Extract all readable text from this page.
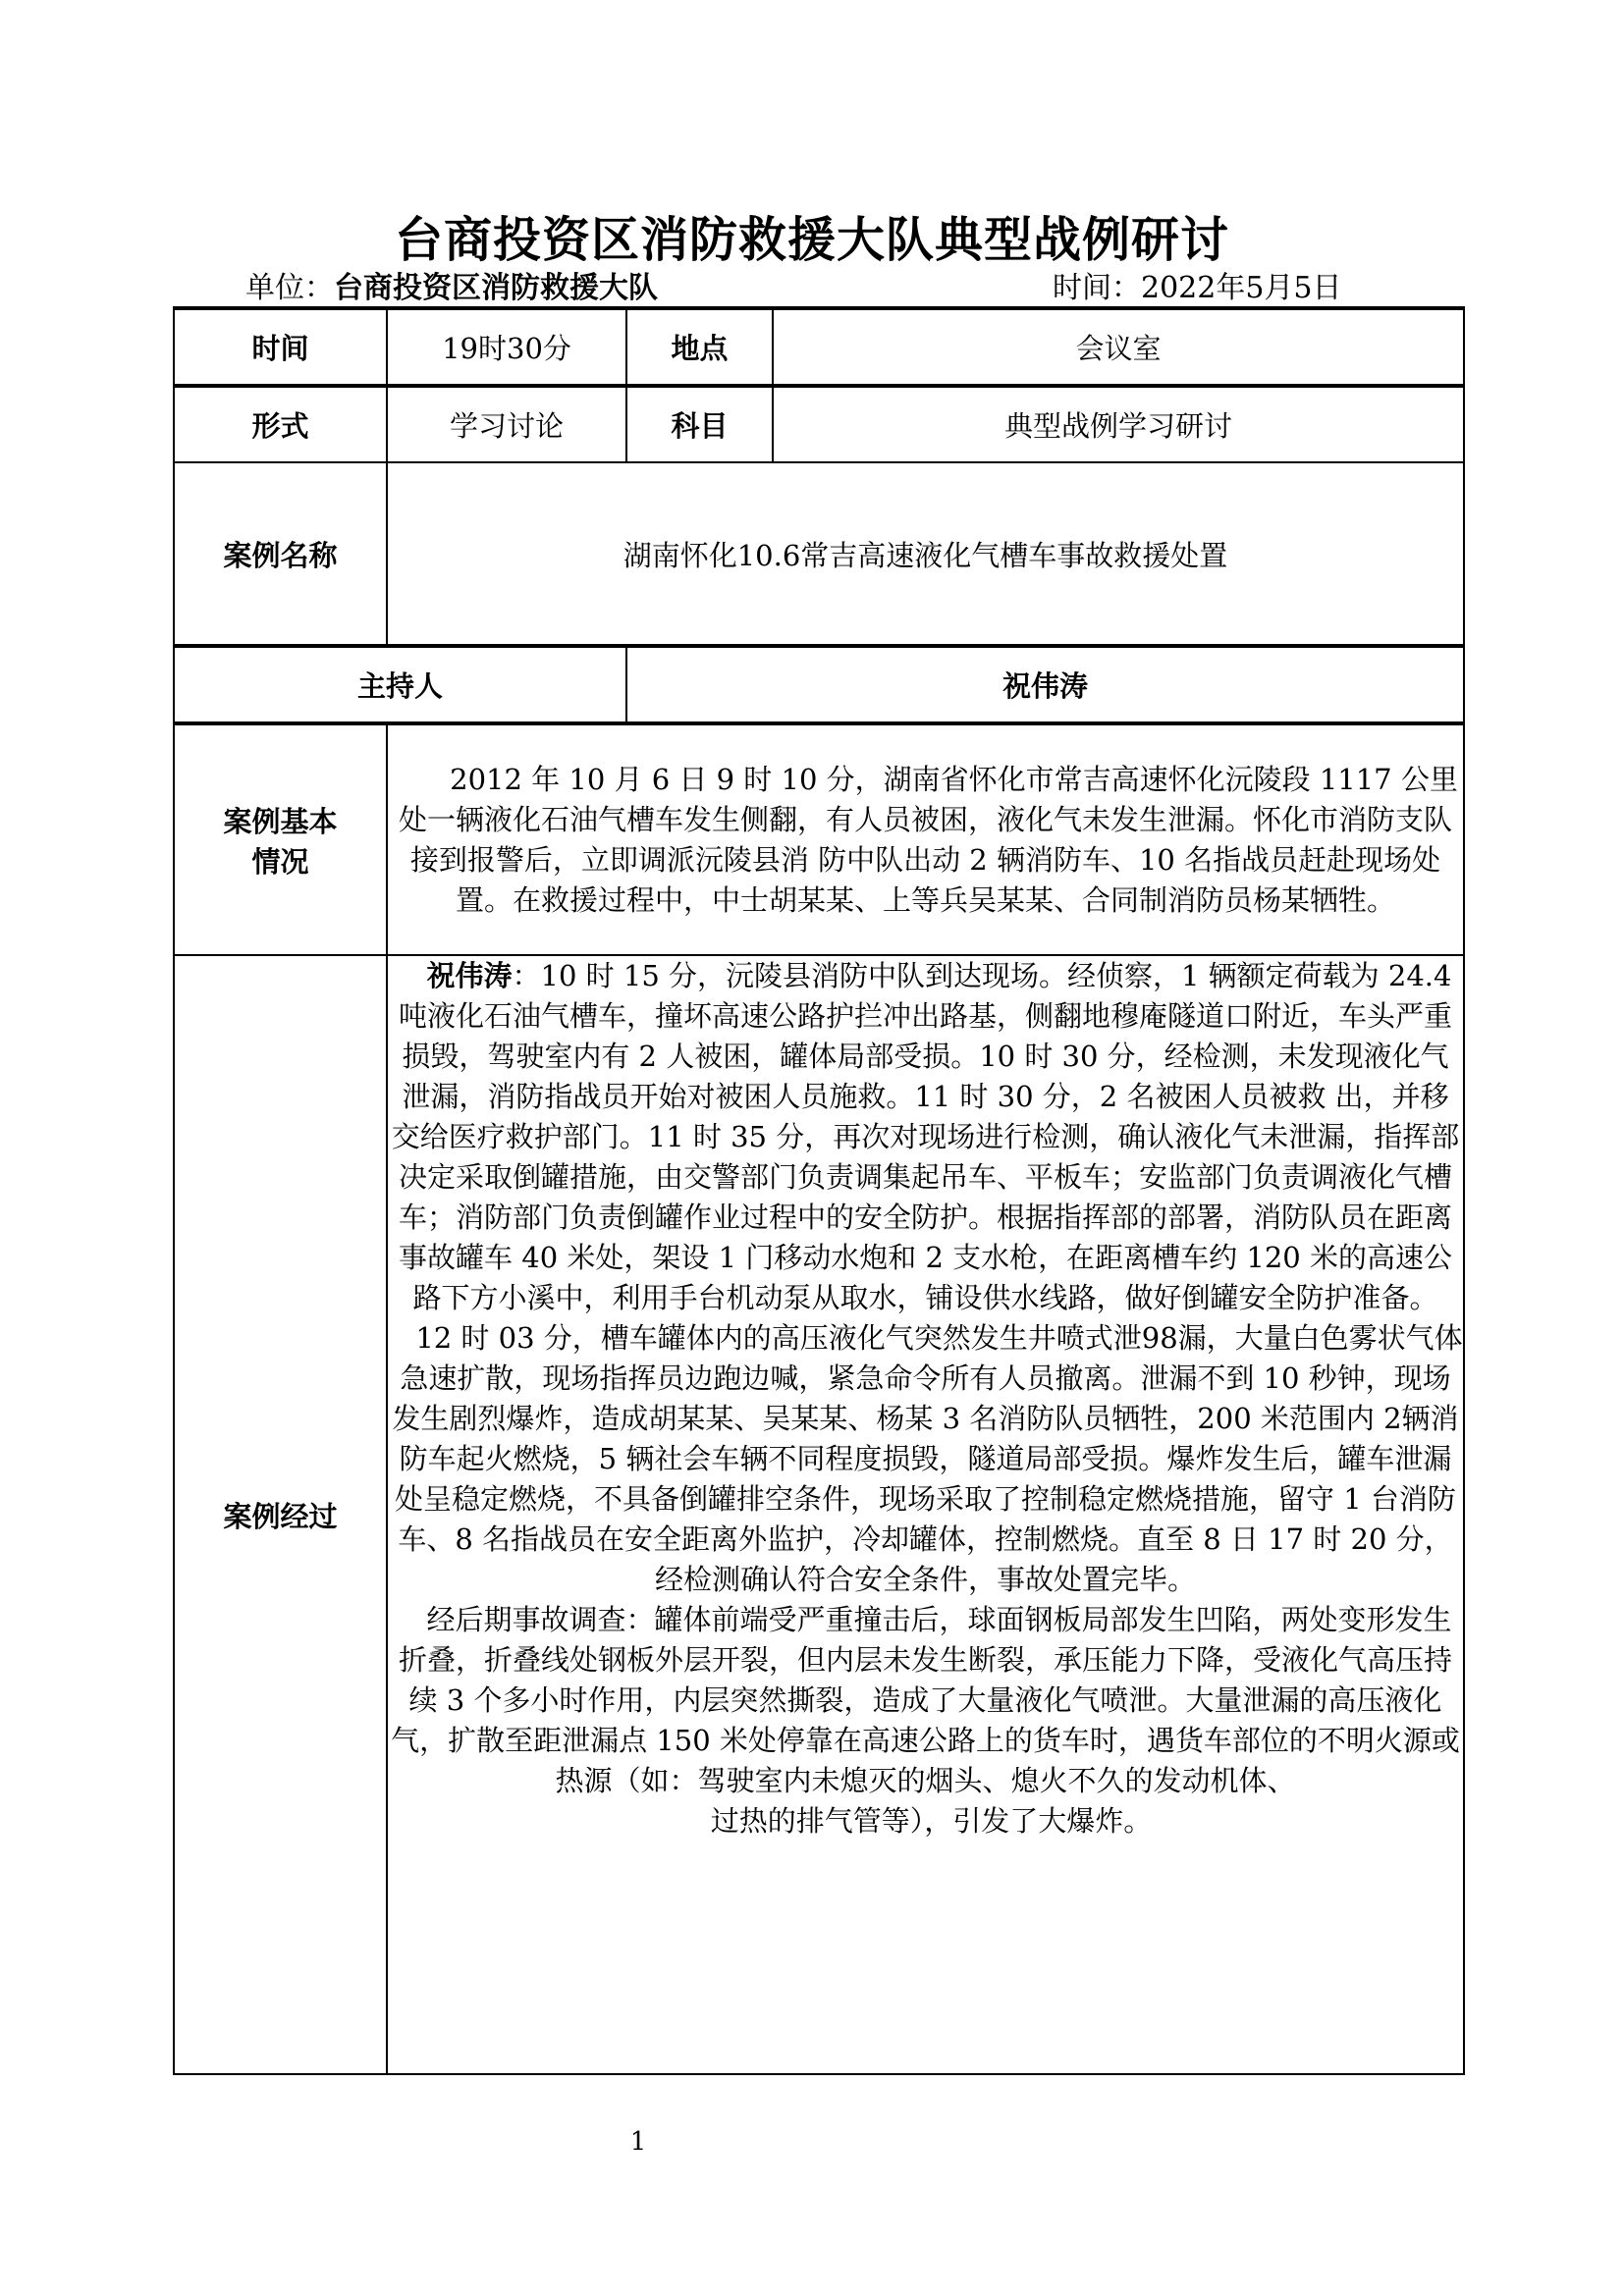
台商投资区消防救援大队典型战例研讨
单位：台商投资区消防救援大队	时间：2022年5月5日
时间	19时30分	地点	会议室
形式	学习讨论	科目	典型战例学习研讨
案例名称	湖南怀化10.6常吉高速液化气槽车事故救援处置		
主持人		祝伟涛	

案例基本
情况	2012 年 10 月 6 日 9 时 10 分，湖南省怀化市常吉高速怀化沅陵段 1117 公里处一辆液化石油气槽车发生侧翻，有人员被困，液化气未发生泄漏。怀化市消防支队接到报警后，立即调派沅陵县消 防中队出动 2 辆消防车、10 名指战员赶赴现场处置。在救援过程中，中士胡某某、上等兵吴某某、合同制消防员杨某牺牲。		

案例经过	祝伟涛：10 时 15 分，沅陵县消防中队到达现场。经侦察，1 辆额定荷载为 24.4 吨液化石油气槽车，撞坏高速公路护拦冲出路基，侧翻地穆庵隧道口附近，车头严重损毁，驾驶室内有 2 人被困，罐体局部受损。10 时 30 分，经检测，未发现液化气泄漏，消防指战员开始对被困人员施救。11 时 30 分，2 名被困人员被救 出，并移交给医疗救护部门。11 时 35 分，再次对现场进行检测，确认液化气未泄漏，指挥部决定采取倒罐措施，由交警部门负责调集起吊车、平板车；安监部门负责调液化气槽车；消防部门负责倒罐作业过程中的安全防护。根据指挥部的部署，消防队员在距离事故罐车 40 米处，架设 1 门移动水炮和 2 支水枪，在距离槽车约 120 米的高速公路下方小溪中，利用手台机动泵从取水，铺设供水线路，做好倒罐安全防护准备。

12 时 03 分，槽车罐体内的高压液化气突然发生井喷式泄98漏，大量白色雾状气体急速扩散，现场指挥员边跑边喊，紧急命令所有人员撤离。泄漏不到 10 秒钟，现场发生剧烈爆炸，造成胡某某、吴某某、杨某 3 名消防队员牺牲，200 米范围内 2辆消防车起火燃烧，5 辆社会车辆不同程度损毁，隧道局部受损。爆炸发生后，罐车泄漏处呈稳定燃烧，不具备倒罐排空条件，现场采取了控制稳定燃烧措施，留守 1 台消防车、8 名指战员在安全距离外监护，冷却罐体，控制燃烧。直至 8 日 17 时 20 分，经检测确认符合安全条件，事故处置完毕。

经后期事故调查：罐体前端受严重撞击后，球面钢板局部发生凹陷，两处变形发生折叠，折叠线处钢板外层开裂，但内层未发生断裂，承压能力下降，受液化气高压持续 3 个多小时作用，内层突然撕裂，造成了大量液化气喷泄。大量泄漏的高压液化气，扩散至距泄漏点 150 米处停靠在高速公路上的货车时，遇货车部位的不明火源或热源（如：驾驶室内未熄灭的烟头、熄火不久的发动机体、

过热的排气管等），引发了大爆炸。		

1
